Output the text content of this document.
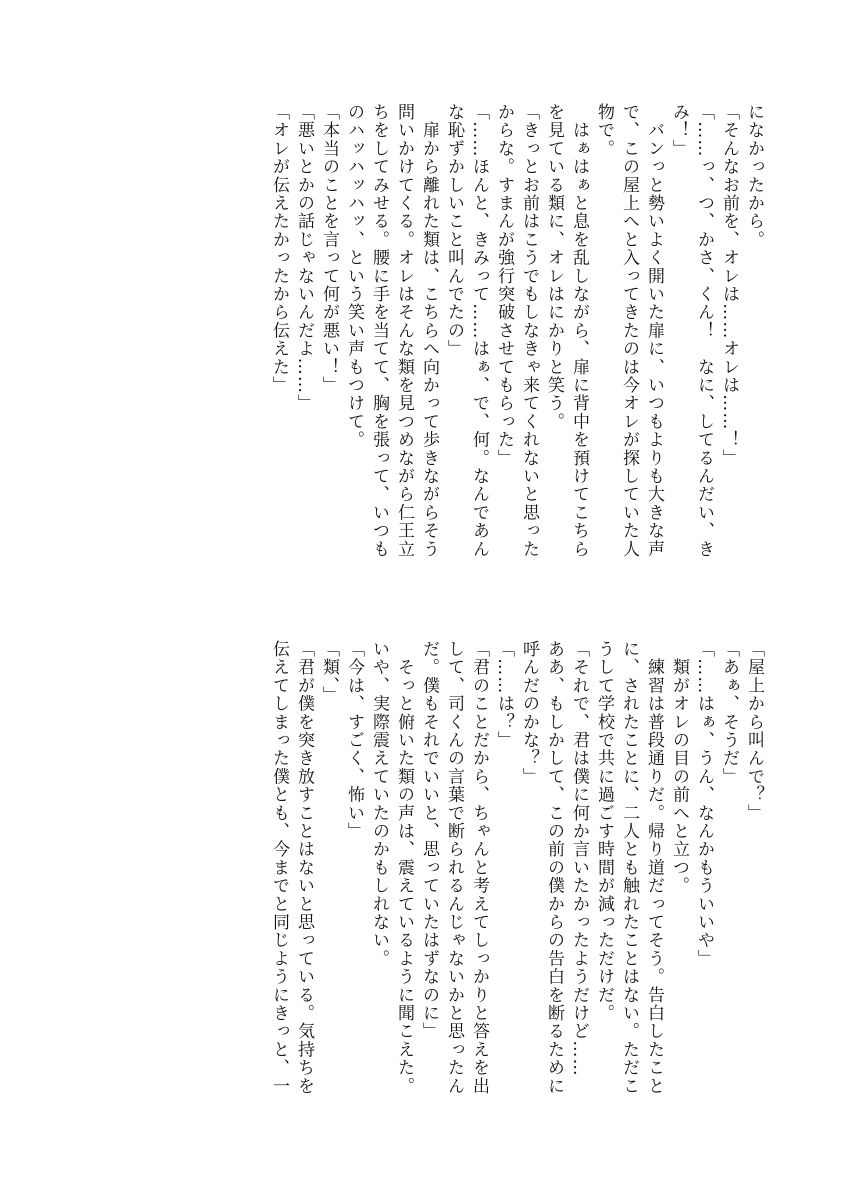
になかったから。
「そんなお前を、オレは……オレは……！」
「……っ、つ、かさ、くん！　なに、してるんだい、き
み！」
　バンっと勢いよく開いた扉に、いつもよりも大きな声
で、この屋上へと入ってきたのは今オレが探していた人
物で。
　はぁはぁと息を乱しながら、扉に背中を預けてこちら
を見ている類に、オレはにかりと笑う。
「きっとお前はこうでもしなきゃ来てくれないと思った
からな。すまんが強行突破させてもらった」
「……ほんと、きみって……はぁ、で、何。なんであん
な恥ずかしいこと叫んでたの」
　扉から離れた類は、こちらへ向かって歩きながらそう
問いかけてくる。オレはそんな類を見つめながら仁王立
ちをしてみせる。腰に手を当てて、胸を張って、いつも
のハッハッハッ、という笑い声もつけて。
「本当のことを言って何が悪い！」
「悪いとかの話じゃないんだよ……」
「オレが伝えたかったから伝えた」
「屋上から叫んで？」
「あぁ、そうだ」
「……はぁ、うん、なんかもういいや」
　類がオレの目の前へと立つ。
　練習は普段通りだ。帰り道だってそう。告白したこと
に、されたことに、二人とも触れたことはない。ただこ
うして学校で共に過ごす時間が減っただけだ。
「それで、君は僕に何か言いたかったようだけど……
ああ、もしかして、この前の僕からの告白を断るために
呼んだのかな？」
「……は？」
「君のことだから、ちゃんと考えてしっかりと答えを出
して、司くんの言葉で断られるんじゃないかと思ったん
だ。僕もそれでいいと、思っていたはずなのに」
　そっと俯いた類の声は、震えているように聞こえた。
いや、実際震えていたのかもしれない。
「今は、すごく、怖い」
「類、」
「君が僕を突き放すことはないと思っている。気持ちを
伝えてしまった僕とも、今までと同じようにきっと、一
